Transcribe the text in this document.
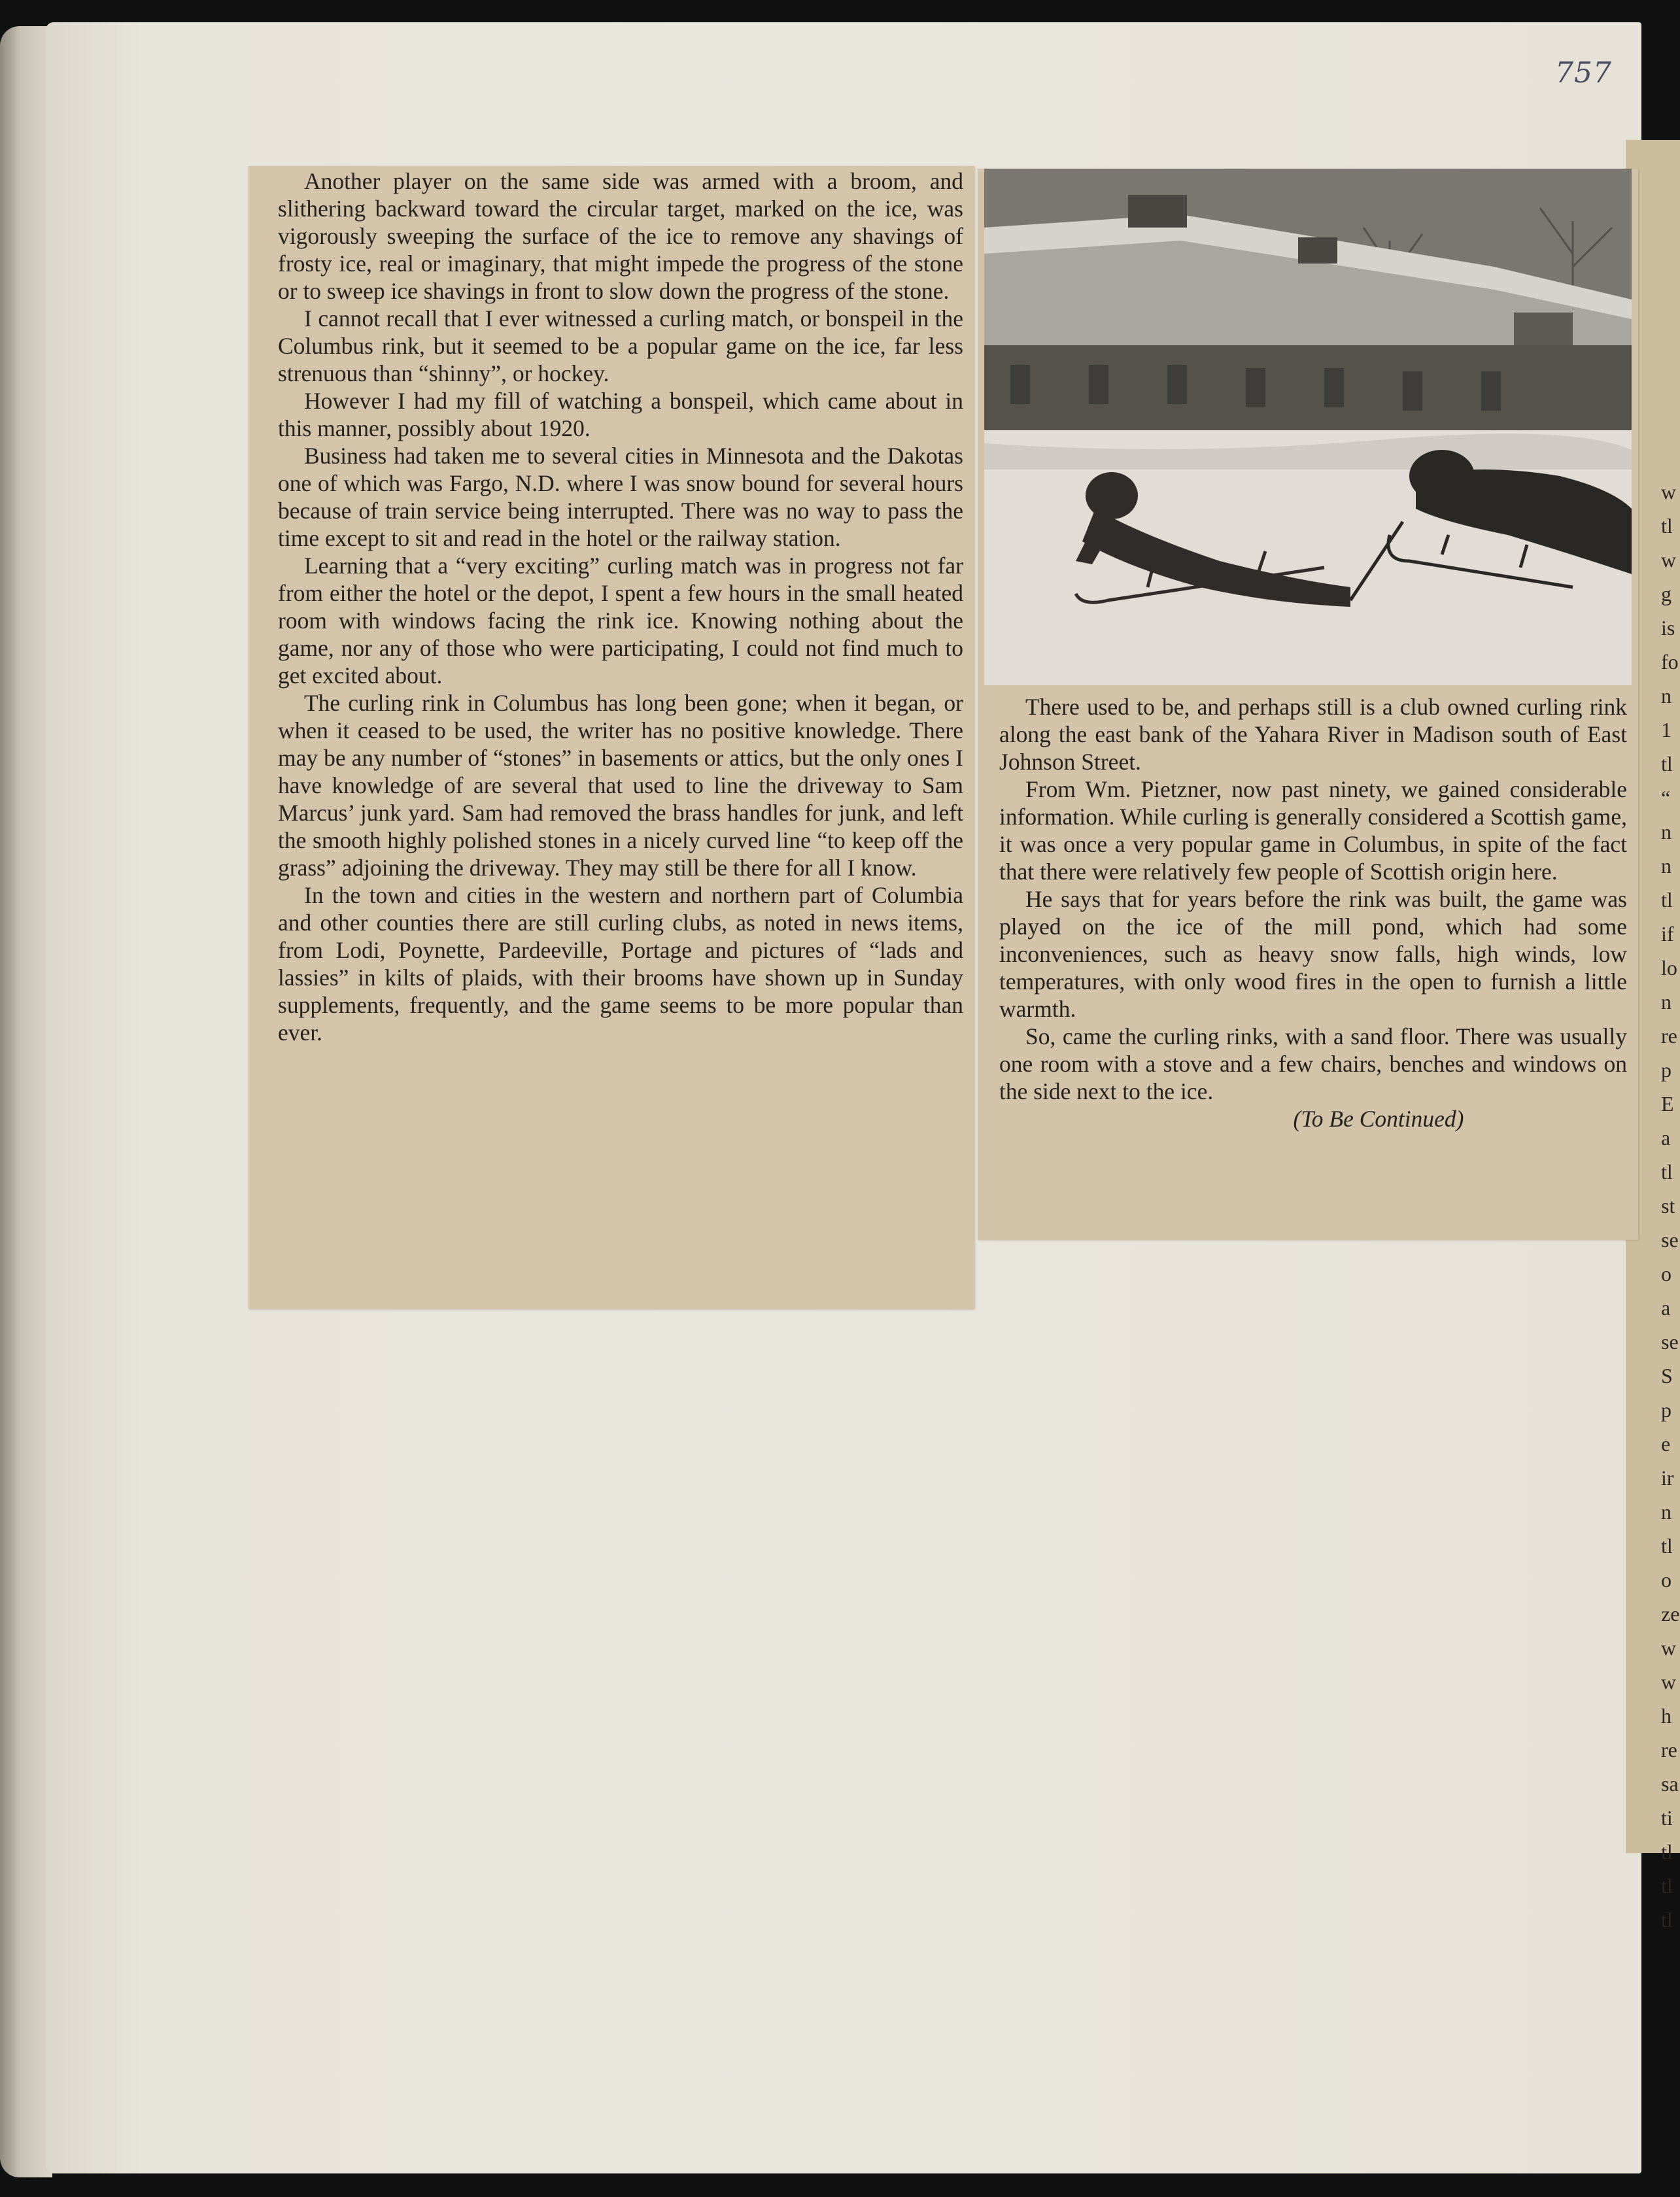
757
w
tl
w
g
is
fo
n
1
tl
“
n
n
tl
if
lo
n
re
p
E
a
tl
st
se
o
a
se
S
p
e
ir
n
tl
o
ze
w
w
h
re
sa
ti
tl
tl
tl

Another player on the same side was armed with a broom, and slithering backward toward the circular target, marked on the ice, was vigorously sweeping the surface of the ice to remove any shavings of frosty ice, real or imaginary, that might impede the progress of the stone or to sweep ice shavings in front to slow down the progress of the stone.

I cannot recall that I ever witnessed a curling match, or bonspeil in the Columbus rink, but it seemed to be a popular game on the ice, far less strenuous than “shinny”, or hockey.

However I had my fill of watching a bonspeil, which came about in this manner, possibly about 1920.

Business had taken me to several cities in Minnesota and the Dakotas one of which was Fargo, N.D. where I was snow bound for several hours because of train service being interrupted. There was no way to pass the time except to sit and read in the hotel or the railway station.

Learning that a “very exciting” curling match was in progress not far from either the hotel or the depot, I spent a few hours in the small heated room with windows facing the rink ice. Knowing nothing about the game, nor any of those who were participating, I could not find much to get excited about.

The curling rink in Columbus has long been gone; when it began, or when it ceased to be used, the writer has no positive knowledge. There may be any number of “stones” in basements or attics, but the only ones I have knowledge of are several that used to line the driveway to Sam Marcus’ junk yard. Sam had removed the brass handles for junk, and left the smooth highly polished stones in a nicely curved line “to keep off the grass” adjoining the driveway. They may still be there for all I know.

In the town and cities in the western and northern part of Columbia and other counties there are still curling clubs, as noted in news items, from Lodi, Poynette, Pardeeville, Portage and pictures of “lads and lassies” in kilts of plaids, with their brooms have shown up in Sunday supplements, frequently, and the game seems to be more popular than ever.

There used to be, and perhaps still is a club owned curling rink along the east bank of the Yahara River in Madison south of East Johnson Street.

From Wm. Pietzner, now past ninety, we gained considerable information. While curling is generally considered a Scottish game, it was once a very popular game in Columbus, in spite of the fact that there were relatively few people of Scottish origin here.

He says that for years before the rink was built, the game was played on the ice of the mill pond, which had some inconveniences, such as heavy snow falls, high winds, low temperatures, with only wood fires in the open to furnish a little warmth.

So, came the curling rinks, with a sand floor. There was usually one room with a stove and a few chairs, benches and windows on the side next to the ice.

(To Be Continued)
